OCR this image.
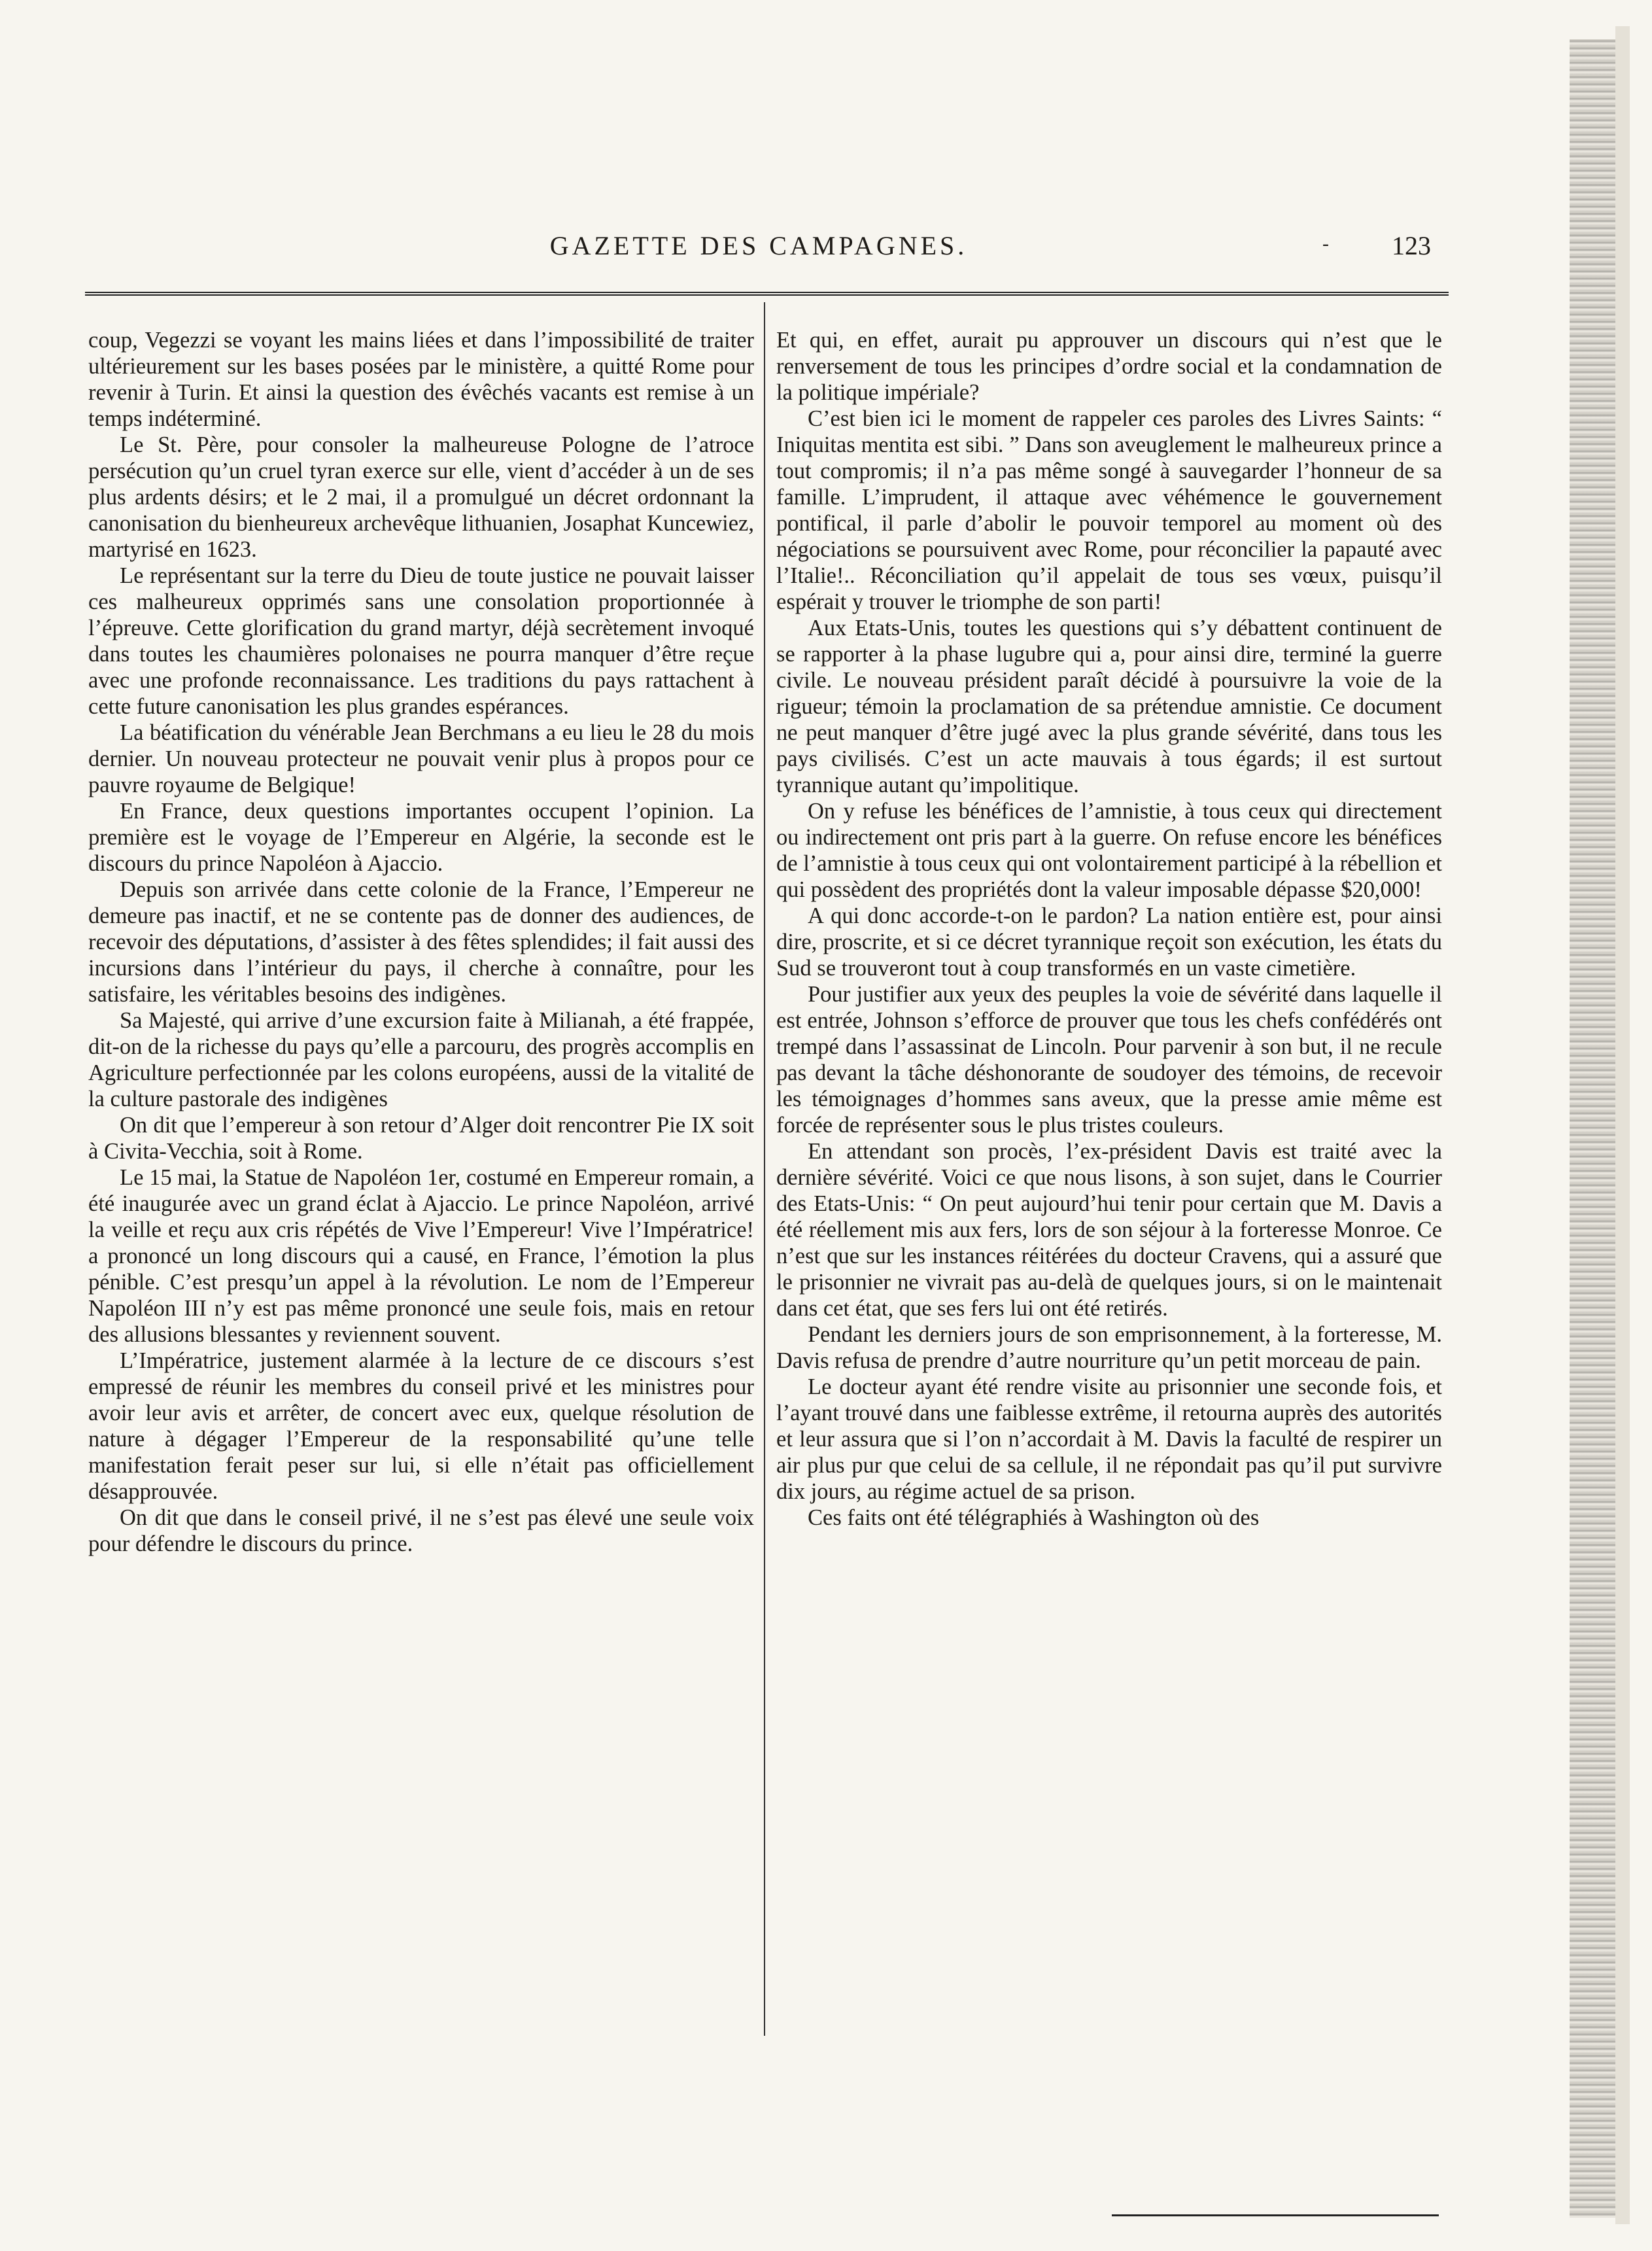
GAZETTE DES CAMPAGNES.	- 123

coup, Vegezzi se voyant les mains liées et dans l’impossibilité de traiter ultérieurement sur les bases posées par le ministère, a quitté Rome pour revenir à Turin. Et ainsi la question des évêchés vacants est remise à un temps indéterminé.

Le St. Père, pour consoler la malheureuse Pologne de l’atroce persécution qu’un cruel tyran exerce sur elle, vient d’accéder à un de ses plus ardents désirs; et le 2 mai, il a promulgué un décret ordonnant la canonisation du bienheureux archevêque lithuanien, Josaphat Kuncewiez, martyrisé en 1623.

Le représentant sur la terre du Dieu de toute justice ne pouvait laisser ces malheureux opprimés sans une consolation proportionnée à l’épreuve. Cette glorification du grand martyr, déjà secrètement invoqué dans toutes les chaumières polonaises ne pourra manquer d’être reçue avec une profonde reconnaissance. Les traditions du pays rattachent à cette future canonisation les plus grandes espérances.

La béatification du vénérable Jean Berchmans a eu lieu le 28 du mois dernier. Un nouveau protecteur ne pouvait venir plus à propos pour ce pauvre royaume de Belgique!

En France, deux questions importantes occupent l’opinion. La première est le voyage de l’Empereur en Algérie, la seconde est le discours du prince Napoléon à Ajaccio.

Depuis son arrivée dans cette colonie de la France, l’Empereur ne demeure pas inactif, et ne se contente pas de donner des audiences, de recevoir des députations, d’assister à des fêtes splendides; il fait aussi des incursions dans l’intérieur du pays, il cherche à connaître, pour les satisfaire, les véritables besoins des indigènes.

Sa Majesté, qui arrive d’une excursion faite à Milianah, a été frappée, dit-on de la richesse du pays qu’elle a parcouru, des progrès accomplis en Agriculture perfectionnée par les colons européens, aussi de la vitalité de la culture pastorale des indigènes

On dit que l’empereur à son retour d’Alger doit rencontrer Pie IX soit à Civita-Vecchia, soit à Rome.

Le 15 mai, la Statue de Napoléon 1er, costumé en Empereur romain, a été inaugurée avec un grand éclat à Ajaccio. Le prince Napoléon, arrivé la veille et reçu aux cris répétés de Vive l’Empereur! Vive l’Impératrice! a prononcé un long discours qui a causé, en France, l’émotion la plus pénible. C’est presqu’un appel à la révolution. Le nom de l’Empereur Napoléon III n’y est pas même prononcé une seule fois, mais en retour des allusions blessantes y reviennent souvent.

L’Impératrice, justement alarmée à la lecture de ce discours s’est empressé de réunir les membres du conseil privé et les ministres pour avoir leur avis et arrêter, de concert avec eux, quelque résolution de nature à dégager l’Empereur de la responsabilité qu’une telle manifestation ferait peser sur lui, si elle n’était pas officiellement désapprouvée.

On dit que dans le conseil privé, il ne s’est pas élevé une seule voix pour défendre le discours du prince.

Et qui, en effet, aurait pu approuver un discours qui n’est que le renversement de tous les principes d’ordre social et la condamnation de la politique impériale?

C’est bien ici le moment de rappeler ces paroles des Livres Saints: “ Iniquitas mentita est sibi. ” Dans son aveuglement le malheureux prince a tout compromis; il n’a pas même songé à sauvegarder l’honneur de sa famille. L’imprudent, il attaque avec véhémence le gouvernement pontifical, il parle d’abolir le pouvoir temporel au moment où des négociations se poursuivent avec Rome, pour réconcilier la papauté avec l’Italie!.. Réconciliation qu’il appelait de tous ses vœux, puisqu’il espérait y trouver le triomphe de son parti!

Aux Etats-Unis, toutes les questions qui s’y débattent continuent de se rapporter à la phase lugubre qui a, pour ainsi dire, terminé la guerre civile. Le nouveau président paraît décidé à poursuivre la voie de la rigueur; témoin la proclamation de sa prétendue amnistie. Ce document ne peut manquer d’être jugé avec la plus grande sévérité, dans tous les pays civilisés. C’est un acte mauvais à tous égards; il est surtout tyrannique autant qu’impolitique.

On y refuse les bénéfices de l’amnistie, à tous ceux qui directement ou indirectement ont pris part à la guerre. On refuse encore les bénéfices de l’amnistie à tous ceux qui ont volontairement participé à la rébellion et qui possèdent des propriétés dont la valeur imposable dépasse $20,000!

A qui donc accorde-t-on le pardon? La nation entière est, pour ainsi dire, proscrite, et si ce décret tyrannique reçoit son exécution, les états du Sud se trouveront tout à coup transformés en un vaste cimetière.

Pour justifier aux yeux des peuples la voie de sévérité dans laquelle il est entrée, Johnson s’efforce de prouver que tous les chefs confédérés ont trempé dans l’assassinat de Lincoln. Pour parvenir à son but, il ne recule pas devant la tâche déshonorante de soudoyer des témoins, de recevoir les témoignages d’hommes sans aveux, que la presse amie même est forcée de représenter sous le plus tristes couleurs.

En attendant son procès, l’ex-président Davis est traité avec la dernière sévérité. Voici ce que nous lisons, à son sujet, dans le Courrier des Etats-Unis: “ On peut aujourd’hui tenir pour certain que M. Davis a été réellement mis aux fers, lors de son séjour à la forteresse Monroe. Ce n’est que sur les instances réitérées du docteur Cravens, qui a assuré que le prisonnier ne vivrait pas au-delà de quelques jours, si on le maintenait dans cet état, que ses fers lui ont été retirés.

Pendant les derniers jours de son emprisonnement, à la forteresse, M. Davis refusa de prendre d’autre nourriture qu’un petit morceau de pain.

Le docteur ayant été rendre visite au prisonnier une seconde fois, et l’ayant trouvé dans une faiblesse extrême, il retourna auprès des autorités et leur assura que si l’on n’accordait à M. Davis la faculté de respirer un air plus pur que celui de sa cellule, il ne répondait pas qu’il put survivre dix jours, au régime actuel de sa prison.

Ces faits ont été télégraphiés à Washington où des
